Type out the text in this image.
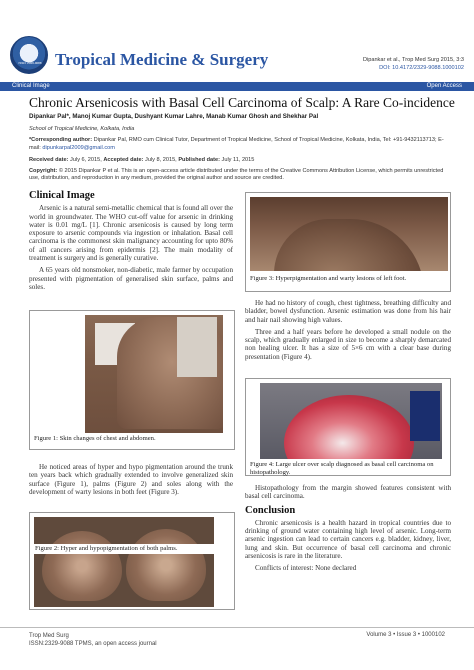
ISSN: 2329-9088 Tropical Medicine & Surgery	Dipankar et al., Trop Med Surg 2015, 3:3
DOI: 10.4172/2329-9088.1000102
Clinical Image	Open Access
Chronic Arsenicosis with Basal Cell Carcinoma of Scalp: A Rare Co-incidence
Dipankar Pal*, Manoj Kumar Gupta, Dushyant Kumar Lahre, Manab Kumar Ghosh and Shekhar Pal
School of Tropical Medicine, Kolkata, India
*Corresponding author: Dipankar Pal, RMO cum Clinical Tutor, Department of Tropical Medicine, School of Tropical Medicine, Kolkata, India, Tel: +91-9432113713; E-mail: dipunkarpal2009@gmail.com
Received date: July 6, 2015, Accepted date: July 8, 2015, Published date: July 11, 2015
Copyright: © 2015 Dipankar P et al. This is an open-access article distributed under the terms of the Creative Commons Attribution License, which permits unrestricted use, distribution, and reproduction in any medium, provided the original author and source are credited.
Clinical Image

Arsenic is a natural semi-metallic chemical that is found all over the world in groundwater. The WHO cut-off value for arsenic in drinking water is 0.01 mg/L [1]. Chronic arsenicosis is caused by long term exposure to arsenic compounds via ingestion or inhalation. Basal cell carcinoma is the commonest skin malignancy accounting for upto 80% of all cancers arising from epidermis [2]. The main modality of treatment is surgery and is generally curative.

A 65 years old nonsmoker, non-diabetic, male farmer by occupation presented with pigmentation of generalised skin surface, palms and soles.

Figure 1: Skin changes of chest and abdomen.

He noticed areas of hyper and hypo pigmentation around the trunk ten years back which gradually extended to involve generalized skin surface (Figure 1), palms (Figure 2) and soles along with the development of warty lesions in both feet (Figure 3).

Figure 2: Hyper and hypopigmentation of both palms.
Figure 3: Hyperpigmentation and warty lesions of left foot.

He had no history of cough, chest tightness, breathing difficulty and bladder, bowel dysfunction. Arsenic estimation was done from his hair and hair nail showing high values.

Three and a half years before he developed a small nodule on the scalp, which gradually enlarged in size to become a sharply demarcated non healing ulcer. It has a size of 5×6 cm with a clear base during presentation (Figure 4).

Figure 4: Large ulcer over scalp diagnosed as basal cell carcinoma on histopathology.

Histopathology from the margin showed features consistent with basal cell carcinoma.

Conclusion

Chronic arsenicosis is a health hazard in tropical countries due to drinking of ground water containing high level of arsenic. Long-term arsenic ingestion can lead to certain cancers e.g. bladder, kidney, liver, lung and skin. But occurrence of basal cell carcinoma and chronic arsenicosis is rare in the literature.

Conflicts of interest: None declared

Trop Med Surg
ISSN:2329-9088 TPMS, an open access journal
Volume 3 • Issue 3 • 1000102
